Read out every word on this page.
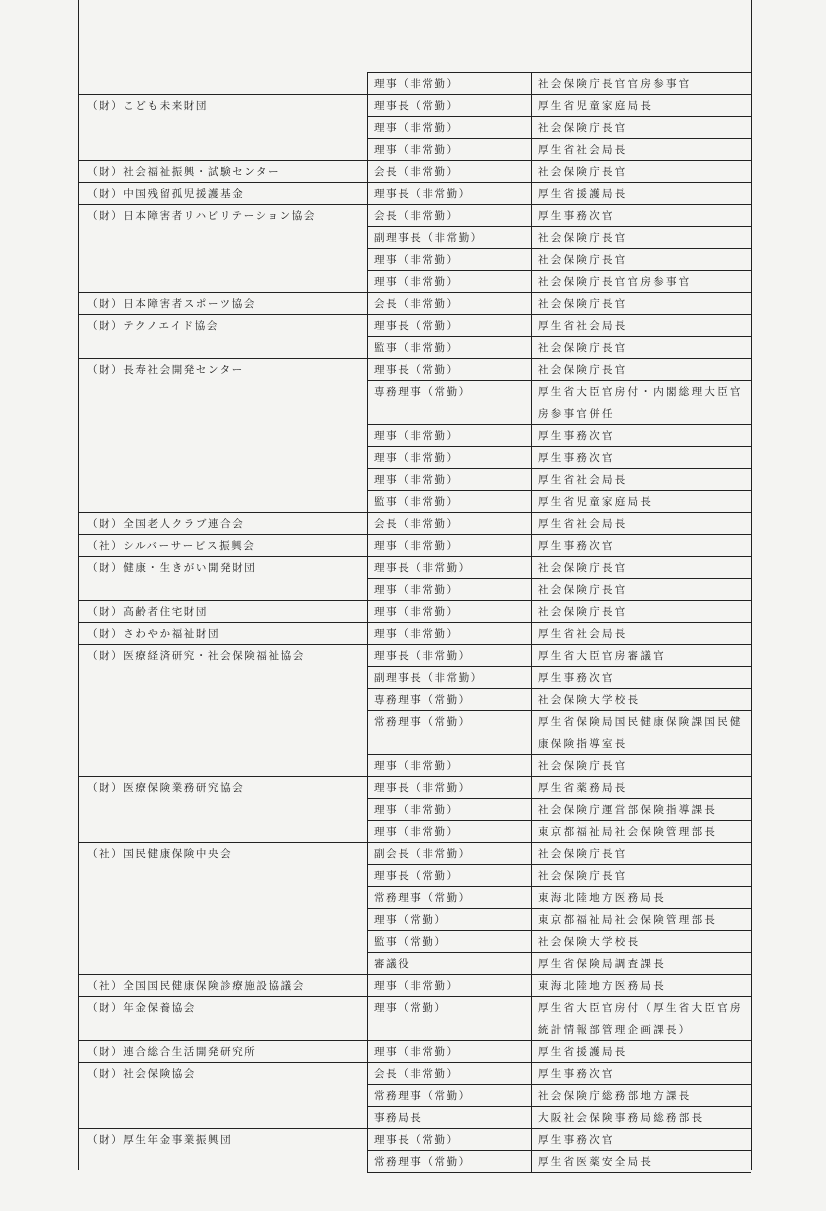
理事（非常勤）	社会保険庁長官官房参事官
（財）こども未来財団	理事長（常勤）	厚生省児童家庭局長
理事（非常勤）	社会保険庁長官
理事（非常勤）	厚生省社会局長
（財）社会福祉振興・試験センター	会長（非常勤）	社会保険庁長官
（財）中国残留孤児援護基金	理事長（非常勤）	厚生省援護局長
（財）日本障害者リハビリテーション協会	会長（非常勤）	厚生事務次官
副理事長（非常勤）	社会保険庁長官
理事（非常勤）	社会保険庁長官
理事（非常勤）	社会保険庁長官官房参事官
（財）日本障害者スポーツ協会	会長（非常勤）	社会保険庁長官
（財）テクノエイド協会	理事長（常勤）	厚生省社会局長
監事（非常勤）	社会保険庁長官
（財）長寿社会開発センター	理事長（常勤）	社会保険庁長官
専務理事（常勤）	厚生省大臣官房付・内閣総理大臣官房参事官併任
理事（非常勤）	厚生事務次官
理事（非常勤）	厚生事務次官
理事（非常勤）	厚生省社会局長
監事（非常勤）	厚生省児童家庭局長
（財）全国老人クラブ連合会	会長（非常勤）	厚生省社会局長
（社）シルバーサービス振興会	理事（非常勤）	厚生事務次官
（財）健康・生きがい開発財団	理事長（非常勤）	社会保険庁長官
理事（非常勤）	社会保険庁長官
（財）高齢者住宅財団	理事（非常勤）	社会保険庁長官
（財）さわやか福祉財団	理事（非常勤）	厚生省社会局長
（財）医療経済研究・社会保険福祉協会	理事長（非常勤）	厚生省大臣官房審議官
副理事長（非常勤）	厚生事務次官
専務理事（常勤）	社会保険大学校長
常務理事（常勤）	厚生省保険局国民健康保険課国民健康保険指導室長
理事（非常勤）	社会保険庁長官
（財）医療保険業務研究協会	理事長（非常勤）	厚生省薬務局長
理事（非常勤）	社会保険庁運営部保険指導課長
理事（非常勤）	東京都福祉局社会保険管理部長
（社）国民健康保険中央会	副会長（非常勤）	社会保険庁長官
理事長（常勤）	社会保険庁長官
常務理事（常勤）	東海北陸地方医務局長
理事（常勤）	東京都福祉局社会保険管理部長
監事（常勤）	社会保険大学校長
審議役	厚生省保険局調査課長
（社）全国国民健康保険診療施設協議会	理事（非常勤）	東海北陸地方医務局長
（財）年金保養協会	理事（常勤）	厚生省大臣官房付（厚生省大臣官房統計情報部管理企画課長）
（財）連合総合生活開発研究所	理事（非常勤）	厚生省援護局長
（財）社会保険協会	会長（非常勤）	厚生事務次官
常務理事（常勤）	社会保険庁総務部地方課長
事務局長	大阪社会保険事務局総務部長
（財）厚生年金事業振興団	理事長（常勤）	厚生事務次官
常務理事（常勤）	厚生省医薬安全局長
